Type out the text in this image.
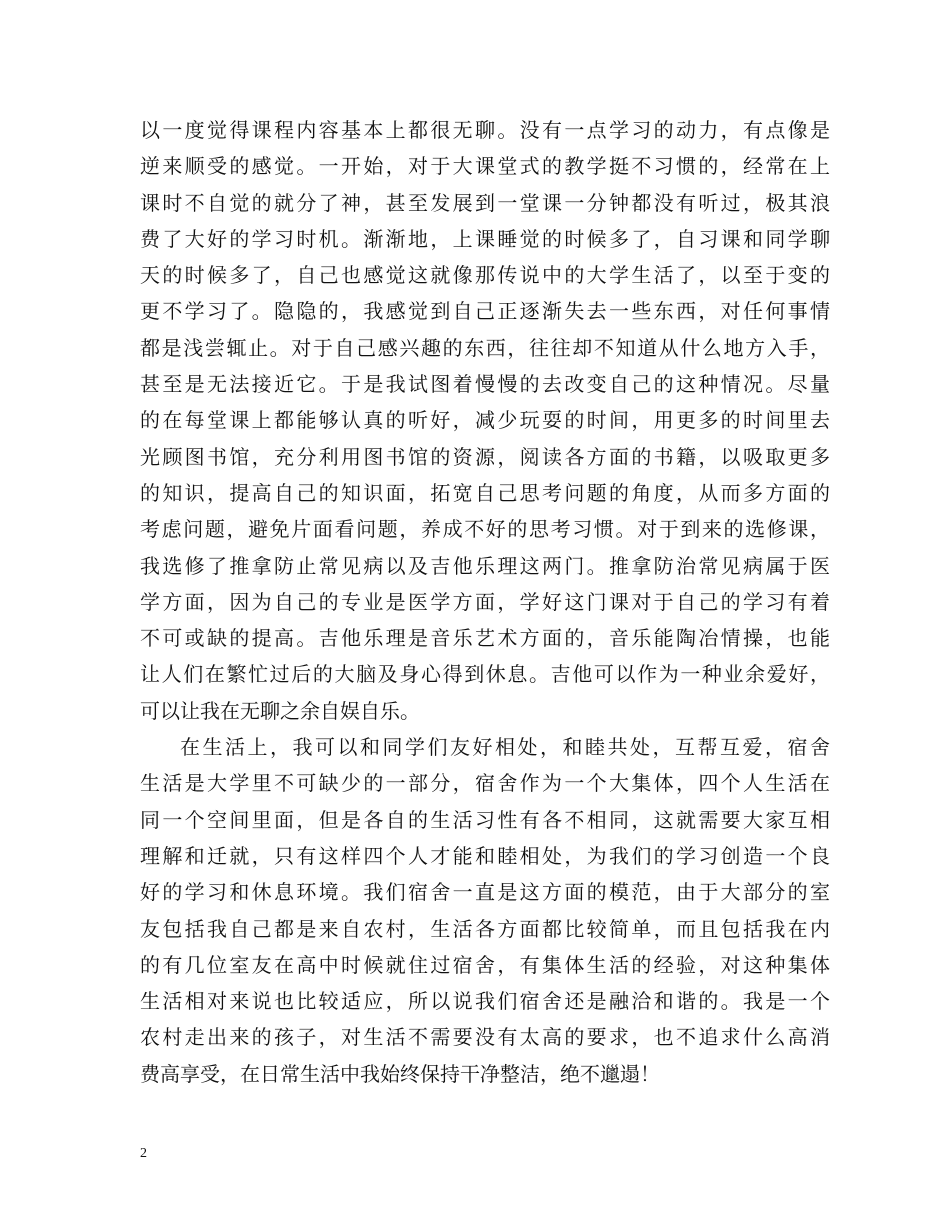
以一度觉得课程内容基本上都很无聊。没有一点学习的动力，有点像是
逆来顺受的感觉。一开始，对于大课堂式的教学挺不习惯的，经常在上
课时不自觉的就分了神，甚至发展到一堂课一分钟都没有听过，极其浪
费了大好的学习时机。渐渐地，上课睡觉的时候多了，自习课和同学聊
天的时候多了，自己也感觉这就像那传说中的大学生活了，以至于变的
更不学习了。隐隐的，我感觉到自己正逐渐失去一些东西，对任何事情
都是浅尝辄止。对于自己感兴趣的东西，往往却不知道从什么地方入手，
甚至是无法接近它。于是我试图着慢慢的去改变自己的这种情况。尽量
的在每堂课上都能够认真的听好，减少玩耍的时间，用更多的时间里去
光顾图书馆，充分利用图书馆的资源，阅读各方面的书籍，以吸取更多
的知识，提高自己的知识面，拓宽自己思考问题的角度，从而多方面的
考虑问题，避免片面看问题，养成不好的思考习惯。对于到来的选修课，
我选修了推拿防止常见病以及吉他乐理这两门。推拿防治常见病属于医
学方面，因为自己的专业是医学方面，学好这门课对于自己的学习有着
不可或缺的提高。吉他乐理是音乐艺术方面的，音乐能陶冶情操，也能
让人们在繁忙过后的大脑及身心得到休息。吉他可以作为一种业余爱好，
可以让我在无聊之余自娱自乐。
在生活上，我可以和同学们友好相处，和睦共处，互帮互爱，宿舍
生活是大学里不可缺少的一部分，宿舍作为一个大集体，四个人生活在
同一个空间里面，但是各自的生活习性有各不相同，这就需要大家互相
理解和迁就，只有这样四个人才能和睦相处，为我们的学习创造一个良
好的学习和休息环境。我们宿舍一直是这方面的模范，由于大部分的室
友包括我自己都是来自农村，生活各方面都比较简单，而且包括我在内
的有几位室友在高中时候就住过宿舍，有集体生活的经验，对这种集体
生活相对来说也比较适应，所以说我们宿舍还是融洽和谐的。我是一个
农村走出来的孩子，对生活不需要没有太高的要求，也不追求什么高消
费高享受，在日常生活中我始终保持干净整洁，绝不邋遢！
2
